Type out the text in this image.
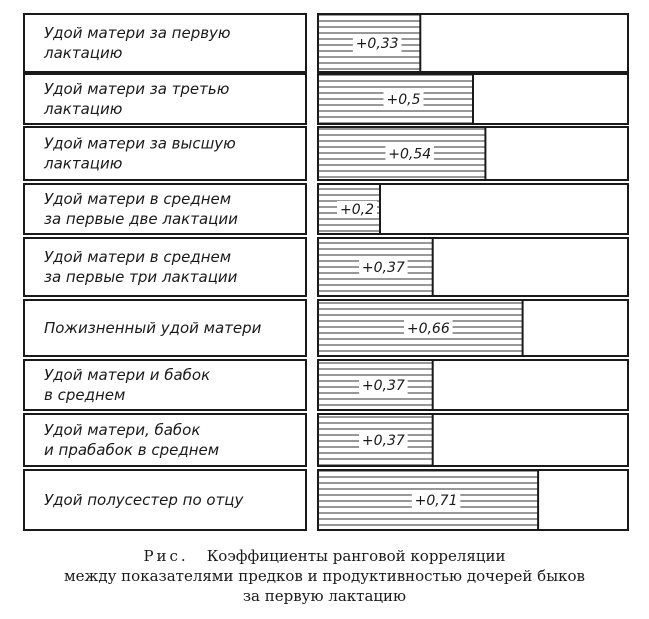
Удой матери за первую
лактацию	+0,33
Удой матери за третью
лактацию	+0,5
Удой матери за высшую
лактацию	+0,54
Удой матери в среднем
за первые две лактации	+0,2
Удой матери в среднем
за первые три лактации	+0,37
Пожизненный удой матери	+0,66
Удой матери и бабок
в среднем	+0,37
Удой матери, бабок
и прабабок в среднем	+0,37
Удой полусестер по отцу	+0,71
Рис. Коэффициенты ранговой корреляции
между показателями предков и продуктивностью дочерей быков
за первую лактацию
